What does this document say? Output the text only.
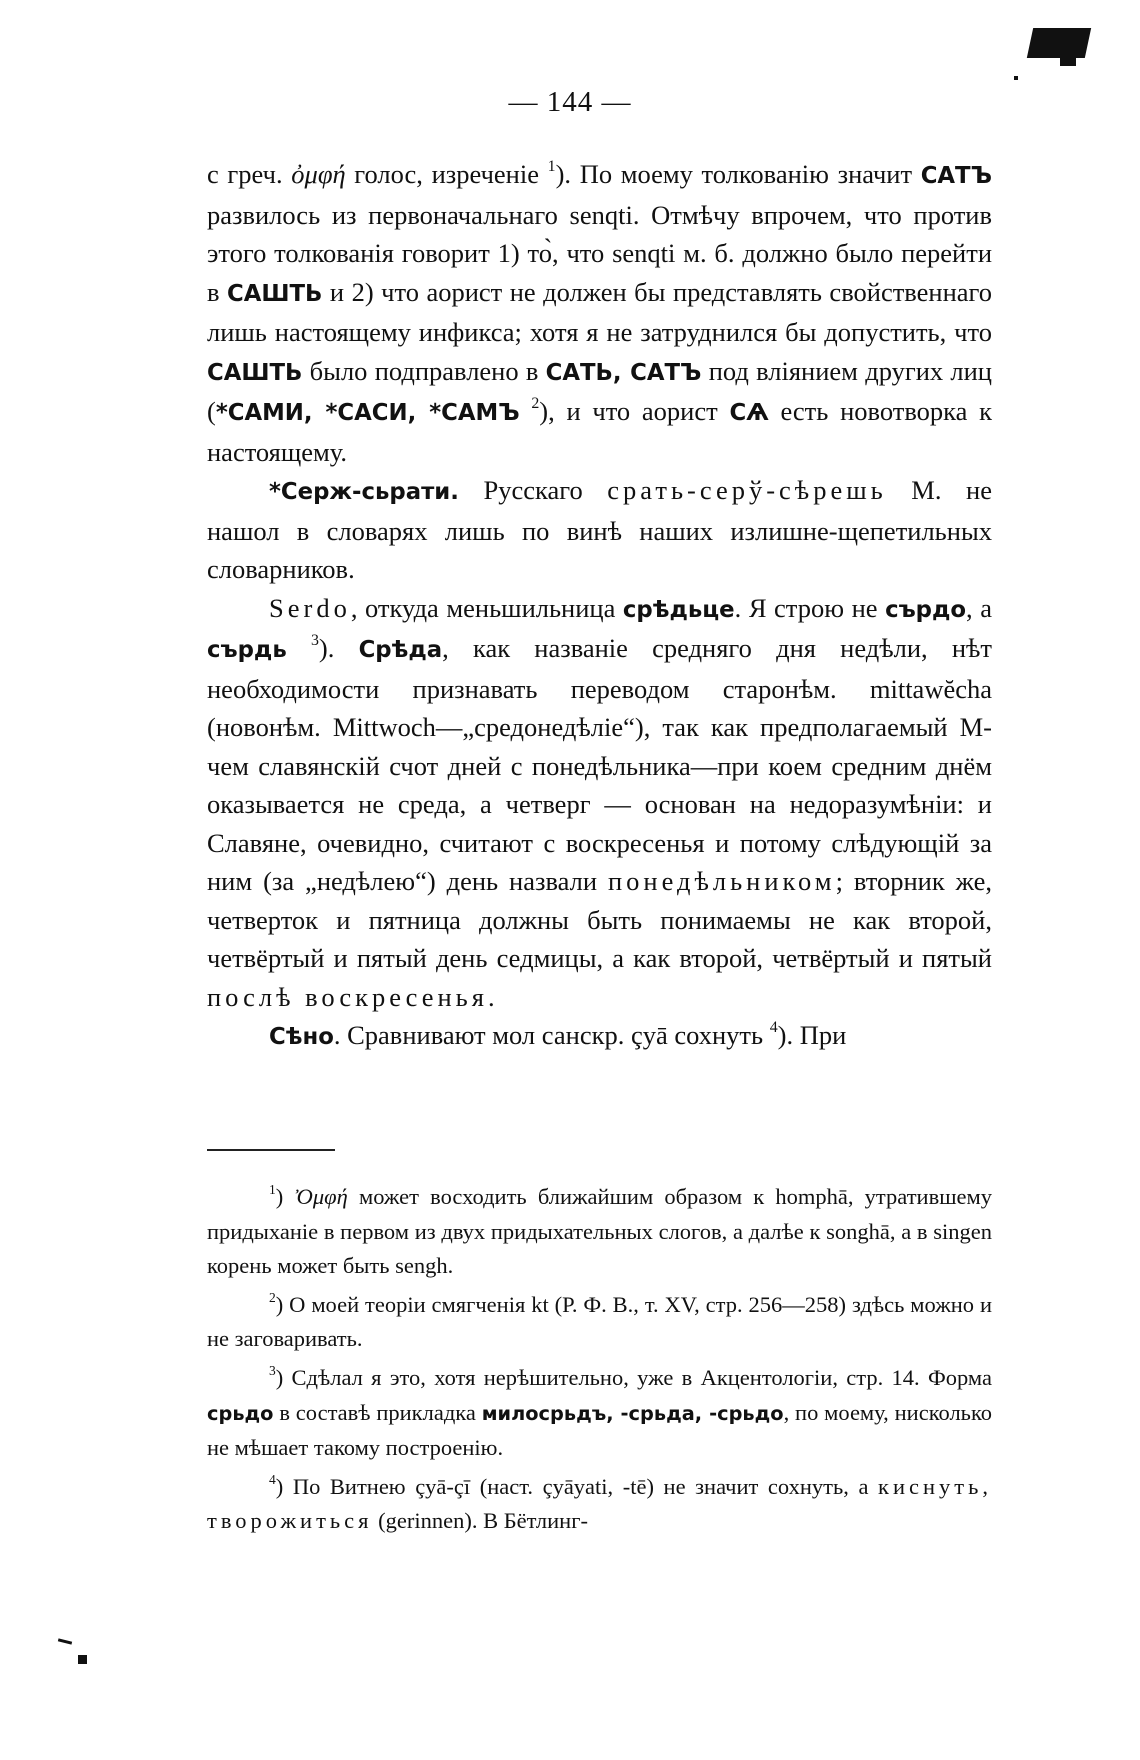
— 144 —

с греч. ὀμφή голос, изреченіе $^1$). По моему толкованію значит САТЪ развилось из первоначальнаго senqti. Отмѣчу впрочем, что против этого толкованія говорит 1) то̀, что senqti м. б. должно было перейти в САШТЬ и 2) что аорист не должен бы представлять свойственнаго лишь настоящему инфикса; хотя я не затруднился бы допустить, что САШТЬ было подправлено в САТЬ, САТЪ под вліянием других лиц (*САМИ, *САСИ, *САМЪ $^2$), и что аорист СѦ есть новотворка к настоящему.

*Серж-сьрати. Русскаго срать-серў-сѣрешь М. не нашол в словарях лишь по винѣ наших излишне-щепетильных словарников.

Serdo, откуда меньшильница срѣдьце. Я строю не сърдо, а сърдь $^3$). Срѣда, как названіе средняго дня недѣли, нѣт необходимости признавать переводом старонѣм. mittawĕcha (новонѣм. Mittwoch—„средонедѣліе“), так как предполагаемый М-чем славянскій счот дней с понедѣльника—при коем средним днём оказывается не среда, а четверг — основан на недоразумѣніи: и Славяне, очевидно, считают с воскресенья и потому слѣдующій за ним (за „недѣлею“) день назвали понедѣльником; вторник же, четверток и пятница должны быть понимаемы не как второй, четвёртый и пятый день седмицы, а как второй, четвёртый и пятый послѣ воскресенья.

Сѣно. Сравнивают мол санскр. çyā сохнуть $^4$). При

$^1$) Ὀμφή может восходить ближайшим образом к homphā, утратившему придыханіе в первом из двух придыхательных слогов, а далѣе к songhā, а в singen корень может быть sengh.

$^2$) О моей теоріи смягченія kt (Р. Ф. В., т. XV, стр. 256—258) здѣсь можно и не заговаривать.

$^3$) Сдѣлал я это, хотя нерѣшительно, уже в Акцентологіи, стр. 14. Форма срьдо в составѣ прикладка милосрьдъ, -срьда, -срьдо, по моему, нисколько не мѣшает такому построенію.

$^4$) По Витнею çyā-çī (наст. çyāyati, -tē) не значит сохнуть, а киснуть, творожиться (gerinnen). В Бётлинг-
